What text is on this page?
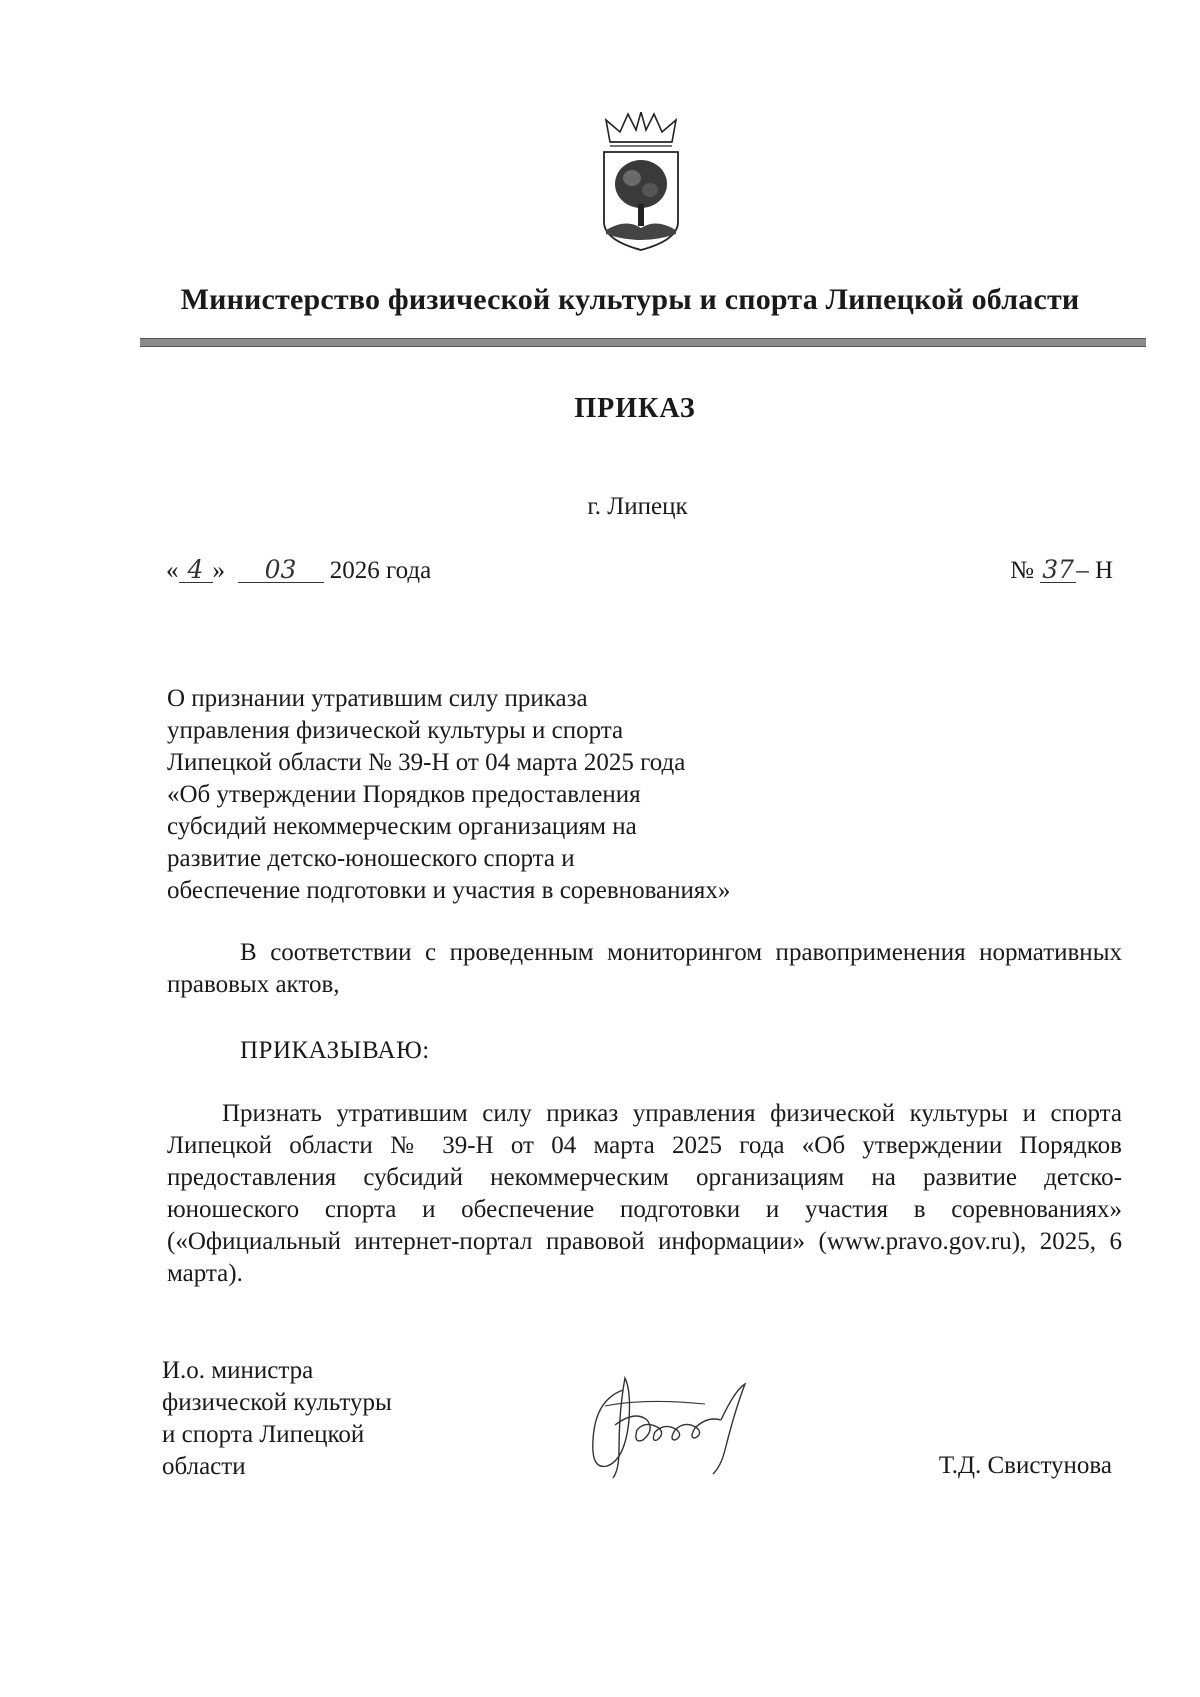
Министерство физической культуры и спорта Липецкой области
ПРИКАЗ
г. Липецк
« 4 » 03 2026 года	№ 37– Н
О признании утратившим силу приказа
управления физической культуры и спорта
Липецкой области № 39-Н от 04 марта 2025 года
«Об утверждении Порядков предоставления
субсидий некоммерческим организациям на
развитие детско-юношеского спорта и
обеспечение подготовки и участия в соревнованиях»
В соответствии с проведенным мониторингом правоприменения нормативных правовых актов,
ПРИКАЗЫВАЮ:
Признать утратившим силу приказ управления физической культуры и спорта Липецкой области № 39-Н от 04 марта 2025 года «Об утверждении Порядков предоставления субсидий некоммерческим организациям на развитие детско-юношеского спорта и обеспечение подготовки и участия в соревнованиях» («Официальный интернет-портал правовой информации» (www.pravo.gov.ru), 2025, 6 марта).
И.о. министра
физической культуры
и спорта Липецкой
области	Т.Д. Свистунова
